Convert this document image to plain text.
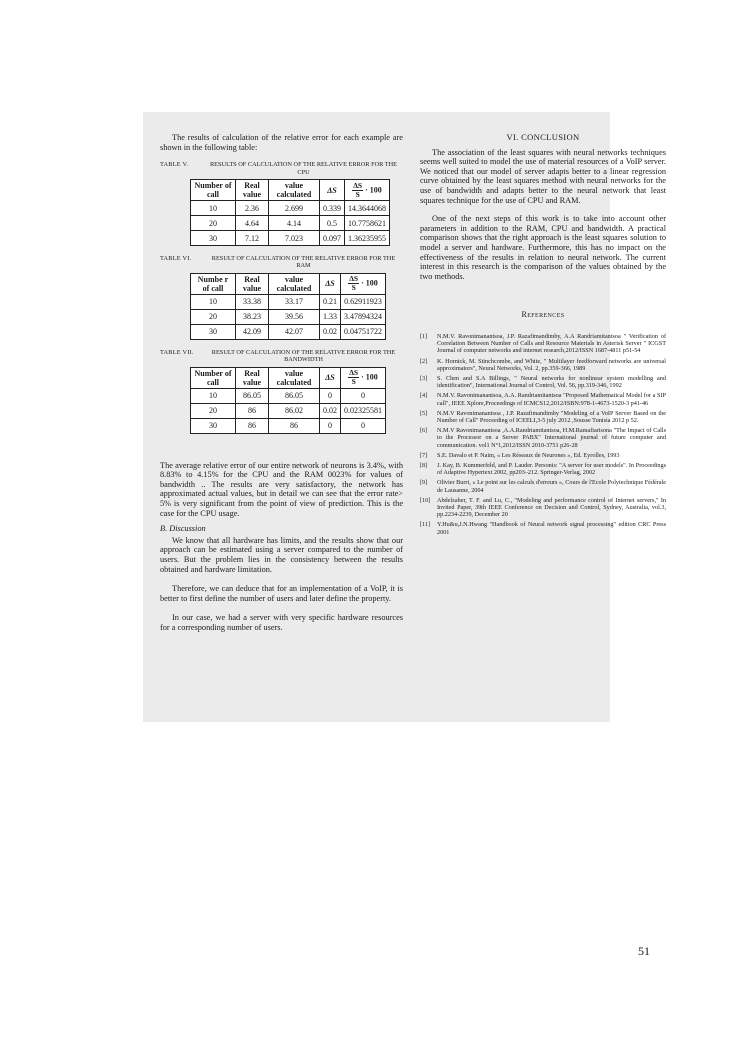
The results of calculation of the relative error for each example are shown in the following table:

TABLE V.	RESULTS OF CALCULATION OF THE RELATIVE ERROR FOR THE CPU
Number of call	Real value	value calculated	ΔS	$\frac{\Delta S}{S} \cdot 100$
10	2.36	2.699	0.339	14.3644068
20	4.64	4.14	0.5	10.7758621
30	7.12	7.023	0.097	1.36235955
TABLE VI.	RESULT OF CALCULATION OF THE RELATIVE ERROR FOR THE RAM
Numbe r of call	Real value	value calculated	ΔS	$\frac{\Delta S}{S} \cdot 100$
10	33.38	33.17	0.21	0.62911923
20	38.23	39.56	1.33	3.47894324
30	42.09	42.07	0.02	0.04751722
TABLE VII.	RESULT OF CALCULATION OF THE RELATIVE ERROR FOR THE BANDWIDTH
Number of call	Real value	value calculated	ΔS	$\frac{\Delta S}{S} \cdot 100$
10	86.05	86.05	0	0
20	86	86.02	0.02	0.02325581
30	86	86	0	0

The average relative error of our entire network of neurons is 3.4%, with 8.83% to 4.15% for the CPU and the RAM 0023% for values of bandwidth .. The results are very satisfactory, the network has approximated actual values, but in detail we can see that the error rate> 5% is very significant from the point of view of prediction. This is the case for the CPU usage.

B. Discussion

We know that all hardware has limits, and the results show that our approach can be estimated using a server compared to the number of users. But the problem lies in the consistency between the results obtained and hardware limitation.

Therefore, we can deduce that for an implementation of a VoIP, it is better to first define the number of users and later define the property.

In our case, we had a server with very specific hardware resources for a corresponding number of users.

VI. CONCLUSION

The association of the least squares with neural networks techniques seems well suited to model the use of material resources of a VoIP server. We noticed that our model of server adapts better to a linear regression curve obtained by the least squares method with neural networks for the use of bandwidth and adapts better to the neural network that least squares technique for the use of CPU and RAM.

One of the next steps of this work is to take into account other parameters in addition to the RAM, CPU and bandwidth. A practical comparison shows that the right approach is the least squares solution to model a server and hardware. Furthermore, this has no impact on the effectiveness of the results in relation to neural network. The current interest in this research is the comparison of the values obtained by the two methods.

References
[1]	N.M.V. Ravonimanantsoa, J.P. Razafimandimby, A.A Randriamitantsoa " Verification of Correlation Between Number of Calls and Resource Materials in Asterisk Server " ICGST Journal of computer networks and internet research,2012/ISSN 1687-4811 p51-54
[2]	K. Hornick, M. Stinchcombe, and White, " Multilayer feedforward networks are universal approximators", Neural Networks, Vol. 2, pp.359-366, 1989
[3]	S. Chen and S.A Billings, " Neural networks for nonlinear system modelling and identification", International Journal of Control, Vol. 56, pp.319-346, 1992
[4]	N.M.V. Ravonimanantsoa, A.A. Randriamitantsoa "Proposed Mathematical Model for a SIP call", IEEE Xplore,Proceedings of ICMCS12,2012/ISBN:978-1-4673-1520-3 p41-46
[5]	N.M.V Ravonimanantsoa , J.P. Razafimandimby "Modeling of a VoIP Server Based on the Number of Call" Proceeding of ICEELI,3-5 july 2012 ,Sousse Tunisia 2012 p 52.
[6]	N.M.V Ravonimanantsoa ,A.A.Randriamitantsoa, H.M.Ramafiarisona "The Impact of Calls to the Processor on a Server PABX" International journal of future computer and communication. vol1 N°1,2012/ISSN 2010-3751 p26-28
[7]	S.E. Davalo et P. Naim, « Les Réseaux de Neurones », Ed. Eyrolles, 1993
[8]	J. Kay, B. Kummerfeld, and P. Lauder. Personis: "A server for user models". In Proceedings of Adaptive Hypertext 2002, pp203–212. Springer-Verlag, 2002
[9]	Olivier Burri, « Le point sur les calculs d'erreurs », Cours de l'Ecole Polytechnique Fédérale de Lausanne, 2004
[10]	Abdelzaher, T. F. and Lu, C., "Modeling and performance control of Internet servers," In Invited Paper, 39th IEEE Conference on Decision and Control, Sydney, Australia, vol.3, pp.2234-2239, December 20
[11]	Y.Hu&u,J.N.Hwang "Handbook of Neural network signal processing" edition CRC Press 2001
51
